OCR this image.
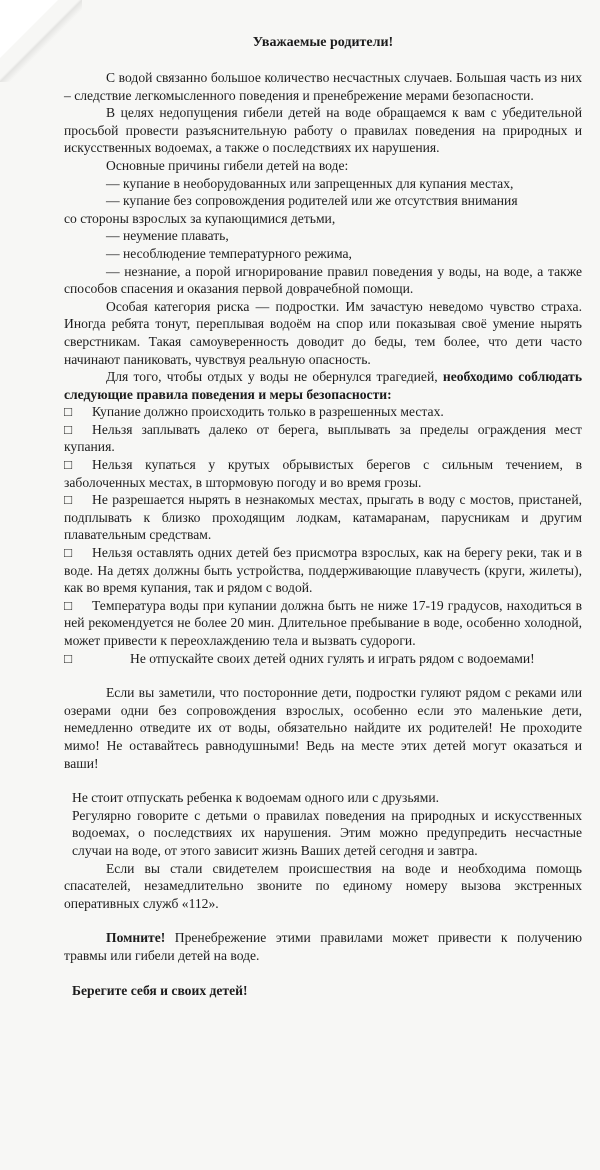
Уважаемые родители!

С водой связанно большое количество несчастных случаев. Большая часть из них – следствие легкомысленного поведения и пренебрежение мерами безопасности.

В целях недопущения гибели детей на воде обращаемся к вам с убедительной просьбой провести разъяснительную работу о правилах поведения на природных и искусственных водоемах, а также о последствиях их нарушения.

Основные причины гибели детей на воде:

— купание в необорудованных или запрещенных для купания местах,

— купание без сопровождения родителей или же отсутствия внимания

со стороны взрослых за купающимися детьми,

— неумение плавать,

— несоблюдение температурного режима,

— незнание, а порой игнорирование правил поведения у воды, на воде, а также способов спасения и оказания первой доврачебной помощи.

Особая категория риска — подростки. Им зачастую неведомо чувство страха. Иногда ребята тонут, переплывая водоём на спор или показывая своё умение нырять сверстникам. Такая самоуверенность доводит до беды, тем более, что дети часто начинают паниковать, чувствуя реальную опасность.

Для того, чтобы отдых у воды не обернулся трагедией, необходимо соблюдать следующие правила поведения и меры безопасности:

□ Купание должно происходить только в разрешенных местах.

□ Нельзя заплывать далеко от берега, выплывать за пределы ограждения мест купания.

□ Нельзя купаться у крутых обрывистых берегов с сильным течением, в заболоченных местах, в штормовую погоду и во время грозы.

□ Не разрешается нырять в незнакомых местах, прыгать в воду с мостов, пристаней, подплывать к близко проходящим лодкам, катамаранам, парусникам и другим плавательным средствам.

□ Нельзя оставлять одних детей без присмотра взрослых, как на берегу реки, так и в воде. На детях должны быть устройства, поддерживающие плавучесть (круги, жилеты), как во время купания, так и рядом с водой.

□ Температура воды при купании должна быть не ниже 17-19 градусов, находиться в ней рекомендуется не более 20 мин. Длительное пребывание в воде, особенно холодной, может привести к переохлаждению тела и вызвать судороги.

□	Не отпускайте своих детей одних гулять и играть рядом с водоемами!

Если вы заметили, что посторонние дети, подростки гуляют рядом с реками или озерами одни без сопровождения взрослых, особенно если это маленькие дети, немедленно отведите их от воды, обязательно найдите их родителей! Не проходите мимо! Не оставайтесь равнодушными! Ведь на месте этих детей могут оказаться и ваши!

Не стоит отпускать ребенка к водоемам одного или с друзьями.

Регулярно говорите с детьми о правилах поведения на природных и искусственных водоемах, о последствиях их нарушения. Этим можно предупредить несчастные случаи на воде, от этого зависит жизнь Ваших детей сегодня и завтра.

Если вы стали свидетелем происшествия на воде и необходима помощь спасателей, незамедлительно звоните по единому номеру вызова экстренных оперативных служб «112».

Помните! Пренебрежение этими правилами может привести к получению травмы или гибели детей на воде.

Берегите себя и своих детей!
